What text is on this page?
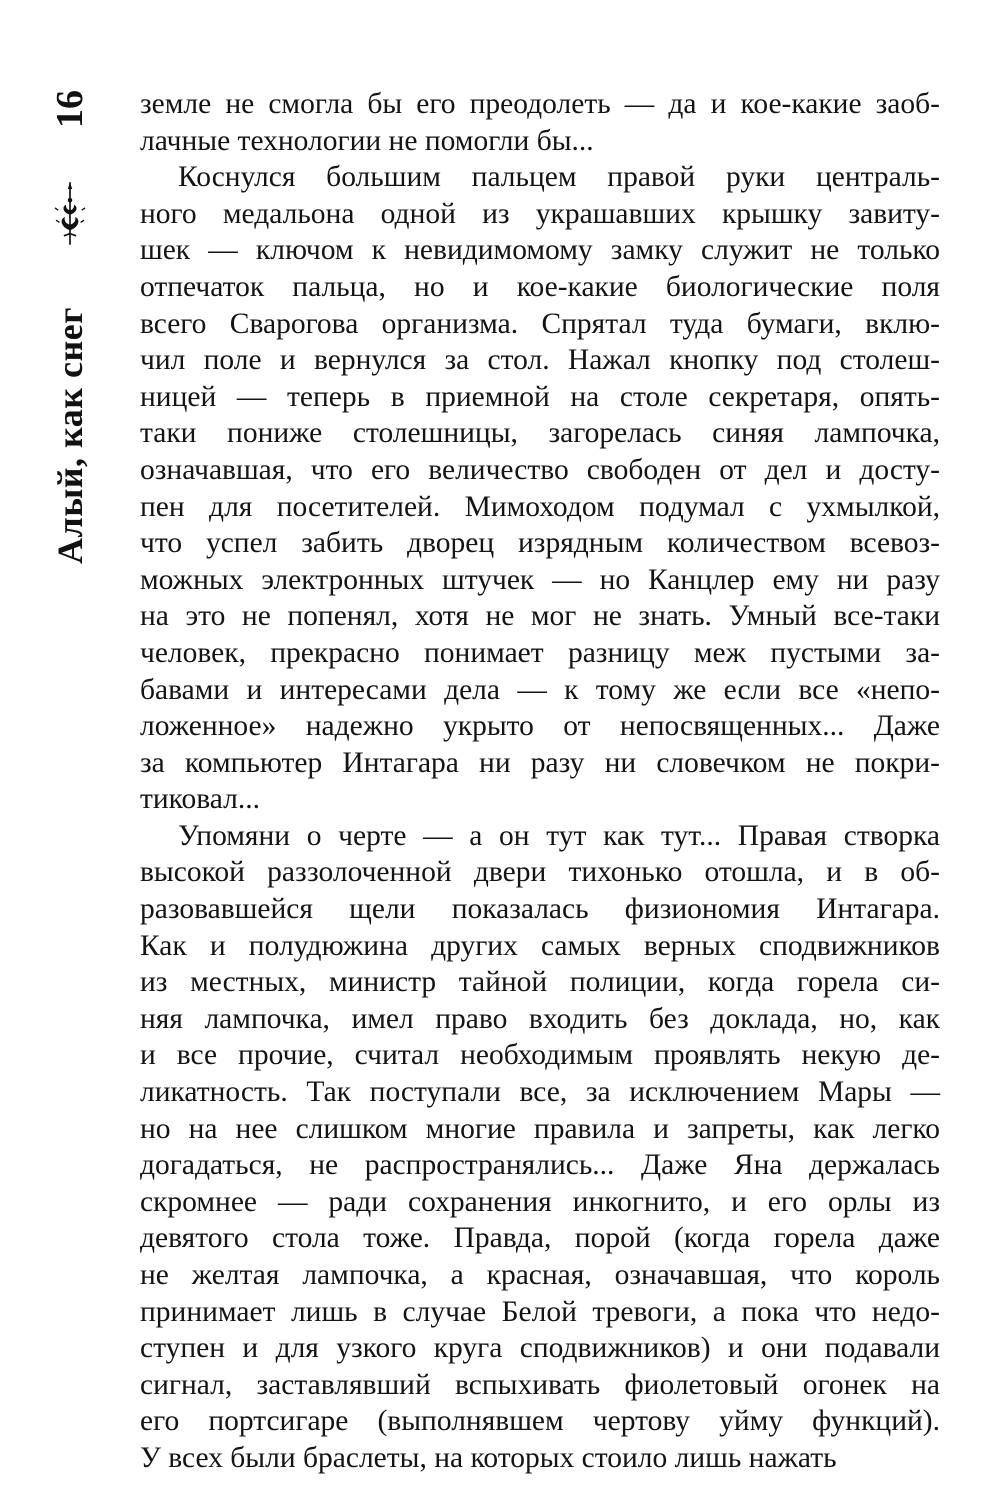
Алый, как снег
16 земле не смогла бы его преодолеть — да и кое-какие заоб-
лачные технологии не помогли бы...

Коснулся большим пальцем правой руки централь-
ного медальона одной из украшавших крышку завиту-
шек — ключом к невидимомому замку служит не только
отпечаток пальца, но и кое-какие биологические поля
всего Сварогова организма. Спрятал туда бумаги, вклю-
чил поле и вернулся за стол. Нажал кнопку под столеш-
ницей — теперь в приемной на столе секретаря, опять-
таки пониже столешницы, загорелась синяя лампочка,
означавшая, что его величество свободен от дел и досту-
пен для посетителей. Мимоходом подумал с ухмылкой,
что успел забить дворец изрядным количеством всевоз-
можных электронных штучек — но Канцлер ему ни разу
на это не попенял, хотя не мог не знать. Умный все-таки
человек, прекрасно понимает разницу меж пустыми за-
бавами и интересами дела — к тому же если все «непо-
ложенное» надежно укрыто от непосвященных... Даже
за компьютер Интагара ни разу ни словечком не покри-
тиковал...

Упомяни о черте — а он тут как тут... Правая створка
высокой раззолоченной двери тихонько отошла, и в об-
разовавшейся щели показалась физиономия Интагара.
Как и полудюжина других самых верных сподвижников
из местных, министр тайной полиции, когда горела си-
няя лампочка, имел право входить без доклада, но, как
и все прочие, считал необходимым проявлять некую де-
ликатность. Так поступали все, за исключением Мары —
но на нее слишком многие правила и запреты, как легко
догадаться, не распространялись... Даже Яна держалась
скромнее — ради сохранения инкогнито, и его орлы из
девятого стола тоже. Правда, порой (когда горела даже
не желтая лампочка, а красная, означавшая, что король
принимает лишь в случае Белой тревоги, а пока что недо-
ступен и для узкого круга сподвижников) и они подавали
сигнал, заставлявший вспыхивать фиолетовый огонек на
его портсигаре (выполнявшем чертову уйму функций).
У всех были браслеты, на которых стоило лишь нажать
